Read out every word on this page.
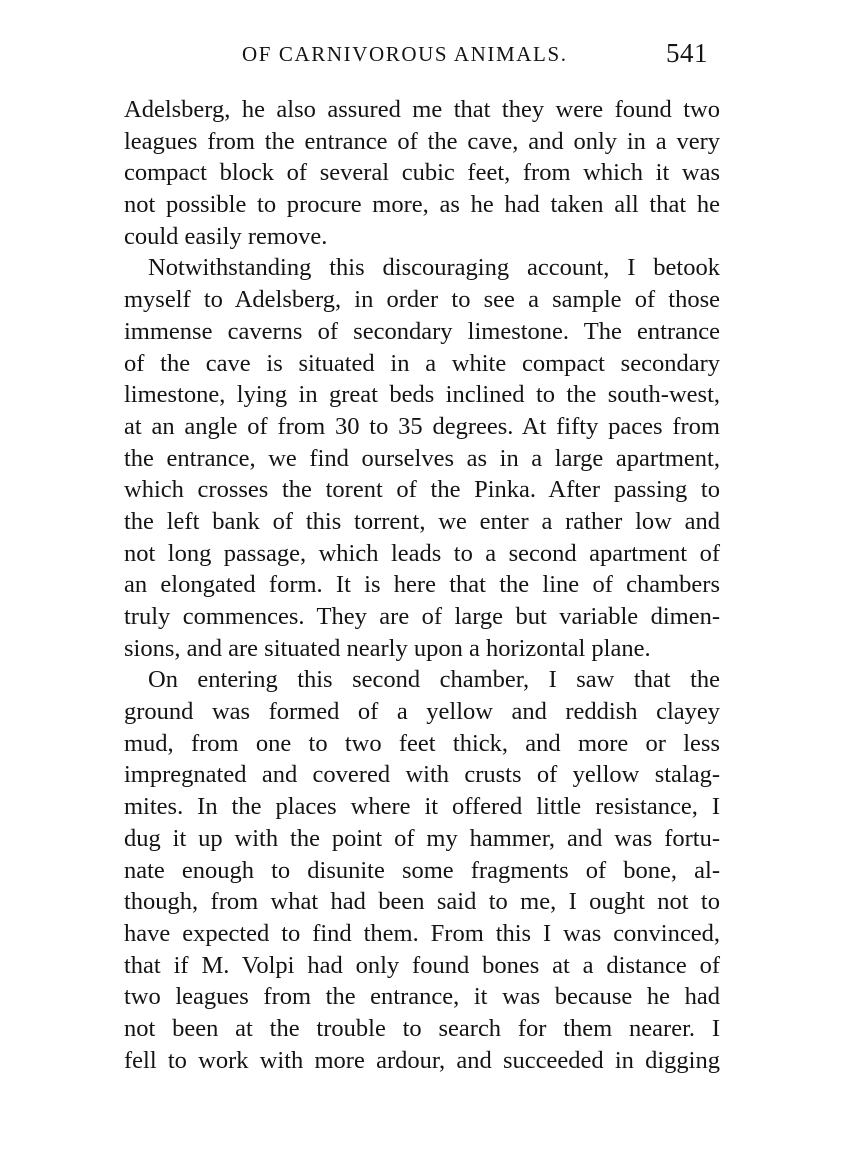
OF CARNIVOROUS ANIMALS.	541
Adelsberg, he also assured me that they were found two
leagues from the entrance of the cave, and only in a very
compact block of several cubic feet, from which it was
not possible to procure more, as he had taken all that he
could easily remove.
Notwithstanding this discouraging account, I betook
myself to Adelsberg, in order to see a sample of those
immense caverns of secondary limestone. The entrance
of the cave is situated in a white compact secondary
limestone, lying in great beds inclined to the south-west,
at an angle of from 30 to 35 degrees. At fifty paces from
the entrance, we find ourselves as in a large apartment,
which crosses the torent of the Pinka. After passing to
the left bank of this torrent, we enter a rather low and
not long passage, which leads to a second apartment of
an elongated form. It is here that the line of chambers
truly commences. They are of large but variable dimen-
sions, and are situated nearly upon a horizontal plane.
On entering this second chamber, I saw that the
ground was formed of a yellow and reddish clayey
mud, from one to two feet thick, and more or less
impregnated and covered with crusts of yellow stalag-
mites. In the places where it offered little resistance, I
dug it up with the point of my hammer, and was fortu-
nate enough to disunite some fragments of bone, al-
though, from what had been said to me, I ought not to
have expected to find them. From this I was convinced,
that if M. Volpi had only found bones at a distance of
two leagues from the entrance, it was because he had
not been at the trouble to search for them nearer. I
fell to work with more ardour, and succeeded in digging
